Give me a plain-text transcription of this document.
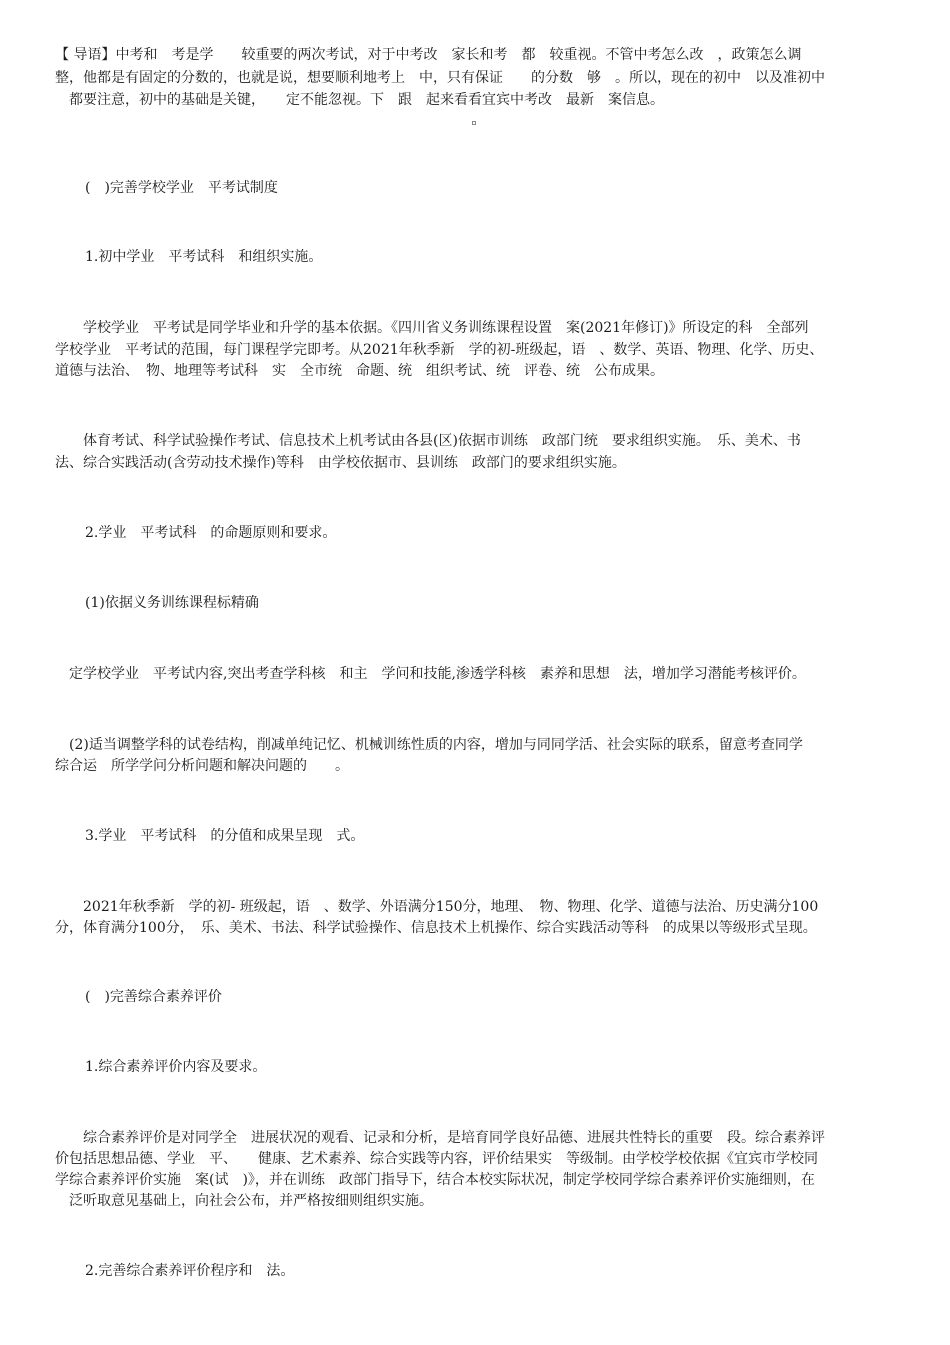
【 导语】中考和　考是学　　较重要的两次考试，对于中考改　家长和考　都　较重视。不管中考怎么改　，政策怎么调
整，他都是有固定的分数的，也就是说，想要顺利地考上　中，只有保证　　的分数　够　。所以，现在的初中　以及准初中
　都要注意，初中的基础是关键，　　定不能忽视。下　跟　起来看看宜宾中考改　最新　案信息。
(　)完善学校学业　平考试制度
1.初中学业　平考试科　和组织实施。
　　学校学业　平考试是同学毕业和升学的基本依据。《四川省义务训练课程设置　案(2021年修订)》所设定的科　全部列
学校学业　平考试的范围，每门课程学完即考。从2021年秋季新　学的初-班级起，语　、数学、英语、物理、化学、历史、
道德与法治、　物、地理等考试科　实　全市统　命题、统　组织考试、统　评卷、统　公布成果。
　　体育考试、科学试验操作考试、信息技术上机考试由各县(区)依据市训练　政部门统　要求组织实施。　乐、美术、书
法、综合实践活动(含劳动技术操作)等科　由学校依据市、县训练　政部门的要求组织实施。
2.学业　平考试科　的命题原则和要求。
(1)依据义务训练课程标精确
　定学校学业　平考试内容,突出考查学科核　和主　学问和技能,渗透学科核　素养和思想　法，增加学习潜能考核评价。
　(2)适当调整学科的试卷结构，削减单纯记忆、机械训练性质的内容，增加与同同学活、社会实际的联系，留意考查同学
综合运　所学学问分析问题和解决问题的　　。
3.学业　平考试科　的分值和成果呈现　式。
　　2021年秋季新　学的初- 班级起，语　、数学、外语满分150分，地理、　物、物理、化学、道德与法治、历史满分100
分，体育满分100分，　乐、美术、书法、科学试验操作、信息技术上机操作、综合实践活动等科　的成果以等级形式呈现。
(　)完善综合素养评价
1.综合素养评价内容及要求。
　　综合素养评价是对同学全　进展状况的观看、记录和分析，是培育同学良好品德、进展共性特长的重要　段。综合素养评
价包括思想品德、学业　平、　　健康、艺术素养、综合实践等内容，评价结果实　等级制。由学校学校依据《宜宾市学校同
学综合素养评价实施　案(试　)》，并在训练　政部门指导下，结合本校实际状况，制定学校同学综合素养评价实施细则，在
　泛听取意见基础上，向社会公布，并严格按细则组织实施。
2.完善综合素养评价程序和　法。
